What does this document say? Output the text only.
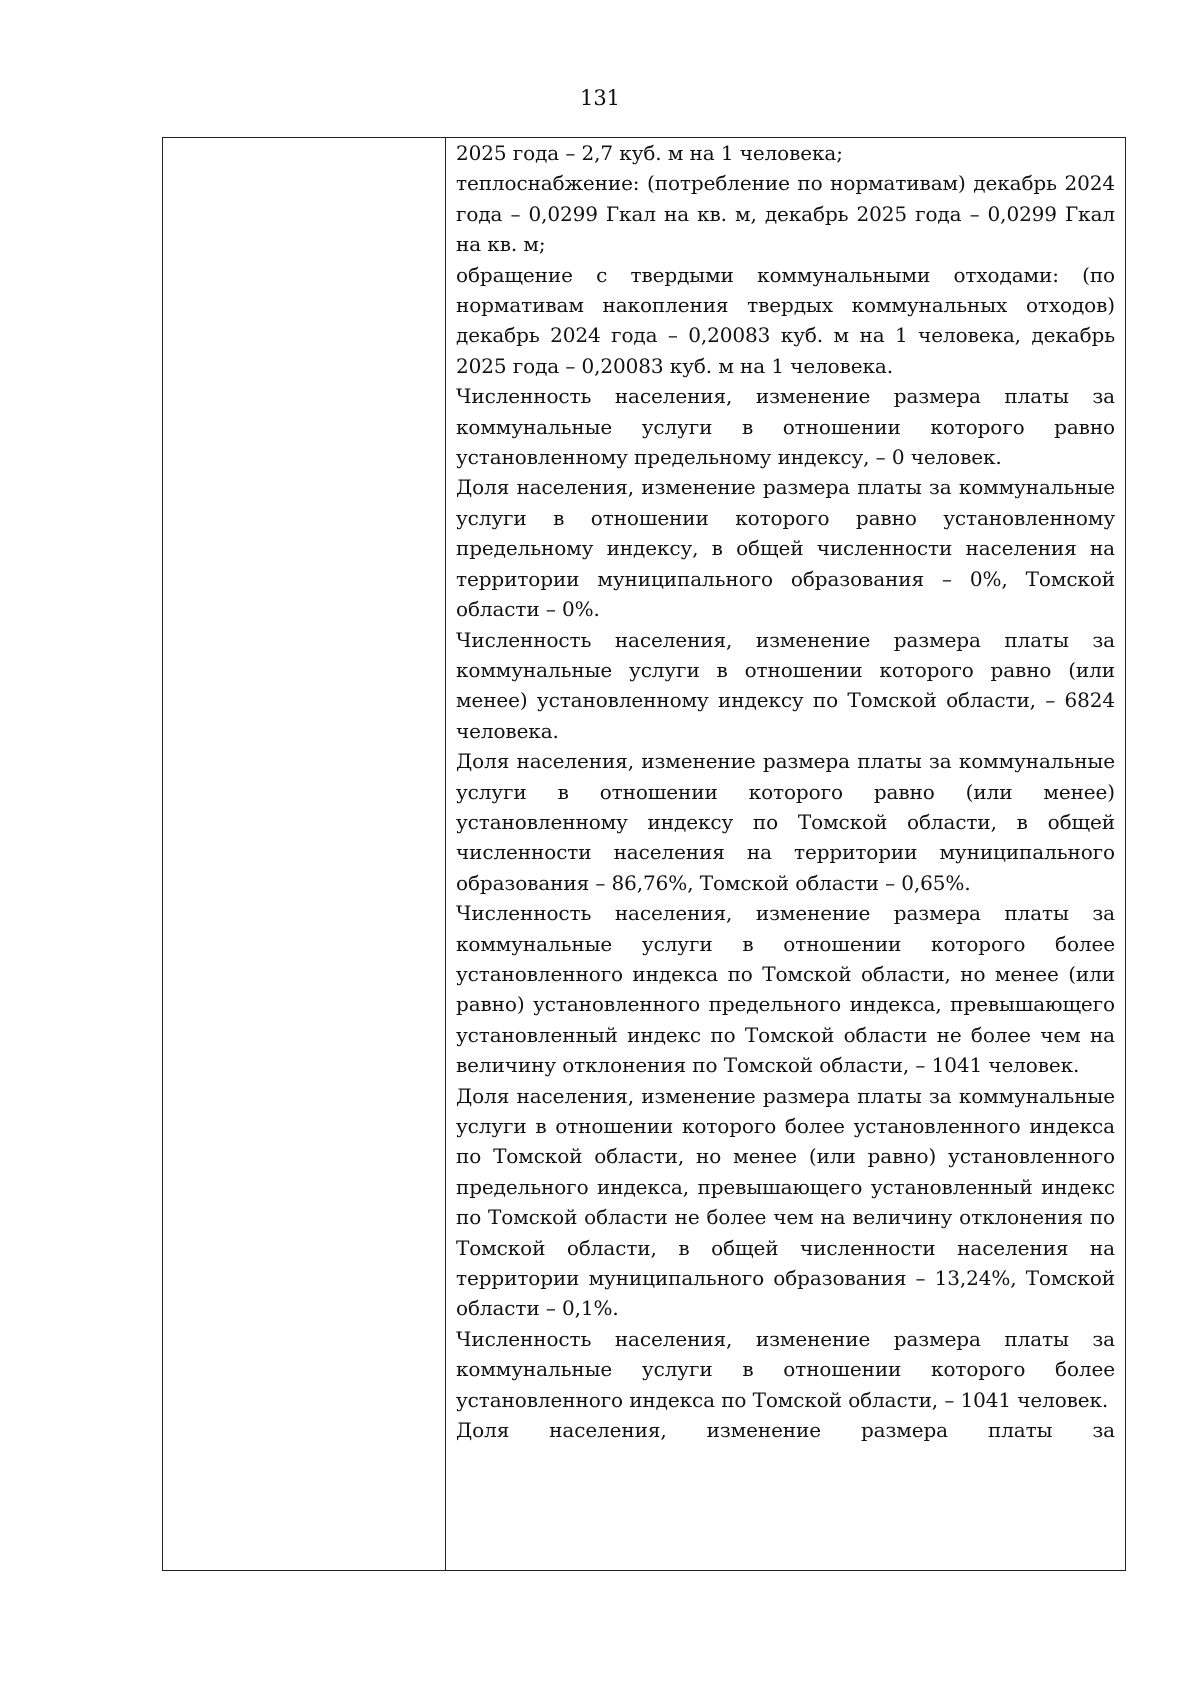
131

2025 года – 2,7 куб. м на 1 человека;

теплоснабжение: (потребление по нормативам) декабрь 2024 года – 0,0299 Гкал на кв. м, декабрь 2025 года – 0,0299 Гкал на кв. м;

обращение с твердыми коммунальными отходами: (по нормативам накопления твердых коммунальных отходов) декабрь 2024 года – 0,20083 куб. м на 1 человека, декабрь 2025 года – 0,20083 куб. м на 1 человека.

Численность населения, изменение размера платы за коммунальные услуги в отношении которого равно установленному предельному индексу, – 0 человек.

Доля населения, изменение размера платы за коммунальные услуги в отношении которого равно установленному предельному индексу, в общей численности населения на территории муниципального образования – 0%, Томской области – 0%.

Численность населения, изменение размера платы за коммунальные услуги в отношении которого равно (или менее) установленному индексу по Томской области, – 6824 человека.

Доля населения, изменение размера платы за коммунальные услуги в отношении которого равно (или менее) установленному индексу по Томской области, в общей численности населения на территории муниципального образования – 86,76%, Томской области – 0,65%.

Численность населения, изменение размера платы за коммунальные услуги в отношении которого более установленного индекса по Томской области, но менее (или равно) установленного предельного индекса, превышающего установленный индекс по Томской области не более чем на величину отклонения по Томской области, – 1041 человек.

Доля населения, изменение размера платы за коммунальные услуги в отношении которого более установленного индекса по Томской области, но менее (или равно) установленного предельного индекса, превышающего установленный индекс по Томской области не более чем на величину отклонения по Томской области, в общей численности населения на территории муниципального образования – 13,24%, Томской области – 0,1%.

Численность населения, изменение размера платы за коммунальные услуги в отношении которого более установленного индекса по Томской области, – 1041 человек.

Доля населения, изменение размера платы за
